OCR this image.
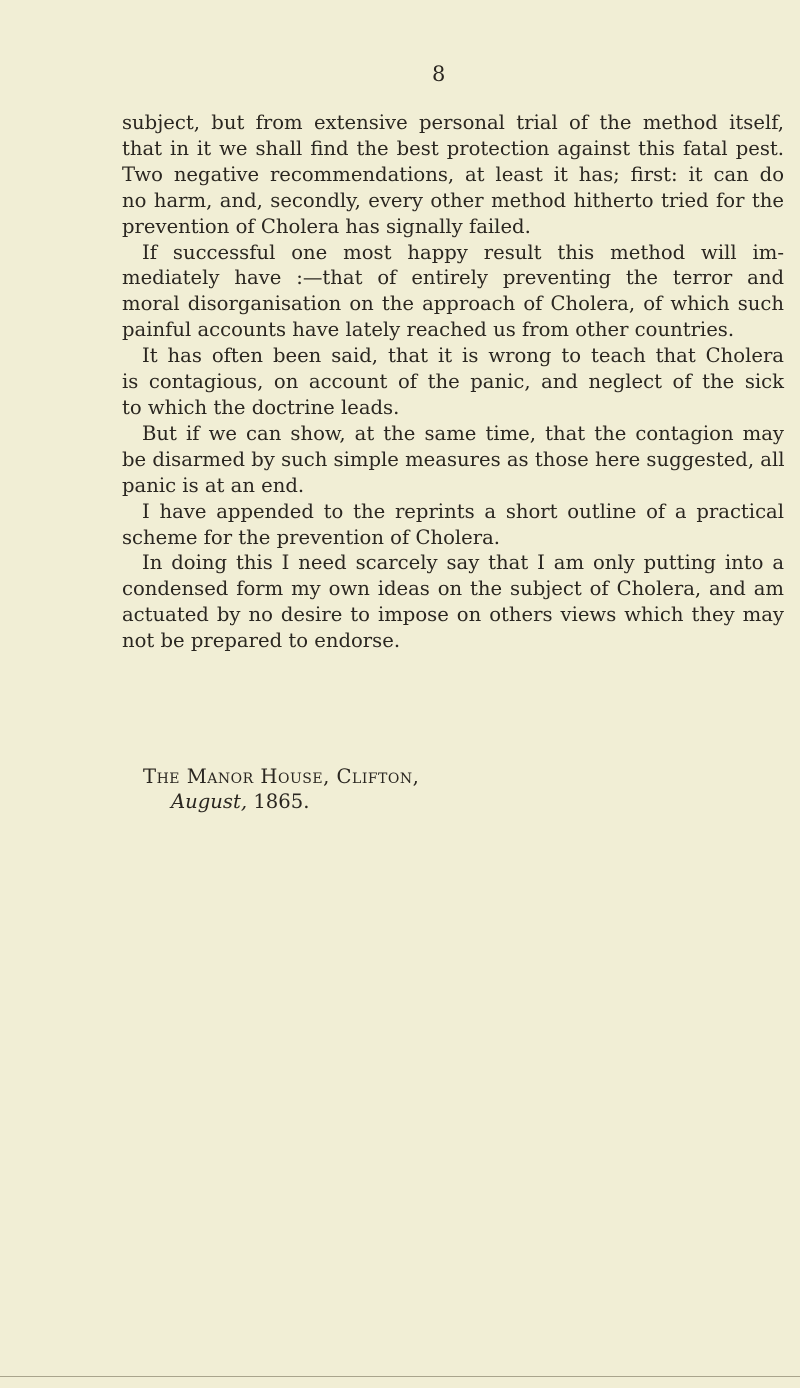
8
subject, but from extensive personal trial of the method itself,
that in it we shall find the best protection against this fatal pest.
Two negative recommendations, at least it has; first: it can do
no harm, and, secondly, every other method hitherto tried for the
prevention of Cholera has signally failed.
If successful one most happy result this method will im-
mediately have :—that of entirely preventing the terror and
moral disorganisation on the approach of Cholera, of which such
painful accounts have lately reached us from other countries.
It has often been said, that it is wrong to teach that Cholera
is contagious, on account of the panic, and neglect of the sick
to which the doctrine leads.
But if we can show, at the same time, that the contagion may
be disarmed by such simple measures as those here suggested, all
panic is at an end.
I have appended to the reprints a short outline of a practical
scheme for the prevention of Cholera.
In doing this I need scarcely say that I am only putting into a
condensed form my own ideas on the subject of Cholera, and am
actuated by no desire to impose on others views which they may
not be prepared to endorse.
The Manor House, Clifton,
August, 1865.
